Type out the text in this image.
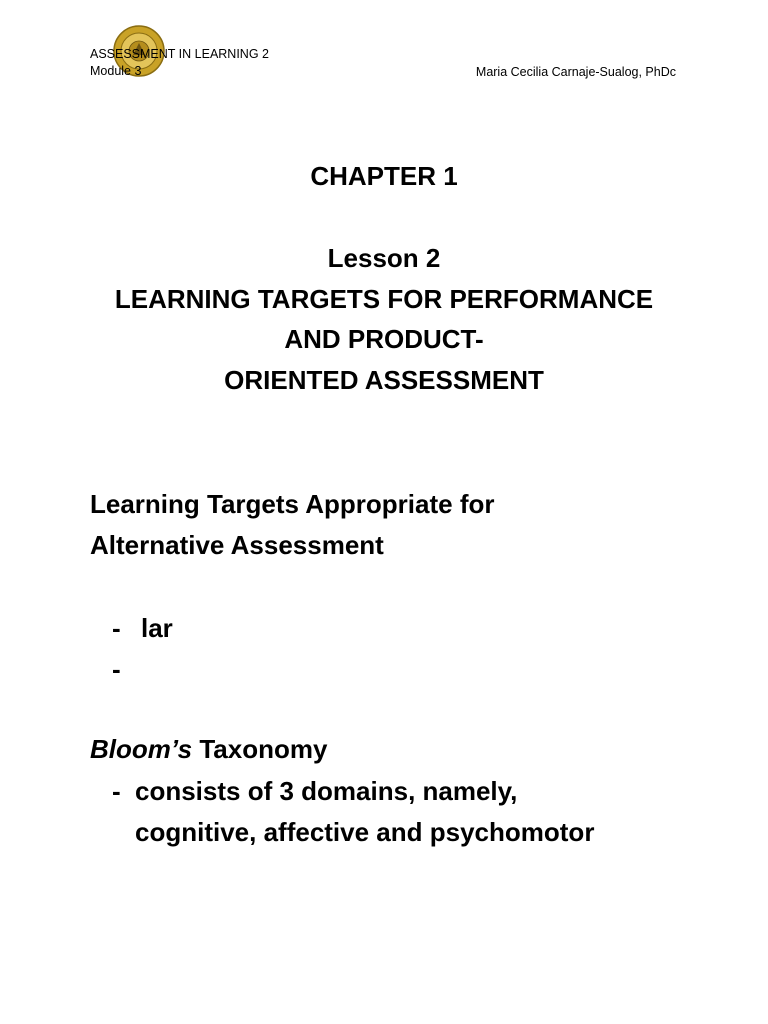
ASSESSMENT IN LEARNING 2
Module 3	Maria Cecilia Carnaje-Sualog, PhDc
CHAPTER 1
Lesson 2
LEARNING TARGETS FOR PERFORMANCE
AND PRODUCT-
ORIENTED ASSESSMENT
Learning Targets Appropriate for
Alternative Assessment
- lar
-
Bloom’s Taxonomy
- consists of 3 domains, namely,
cognitive, affective and psychomotor
